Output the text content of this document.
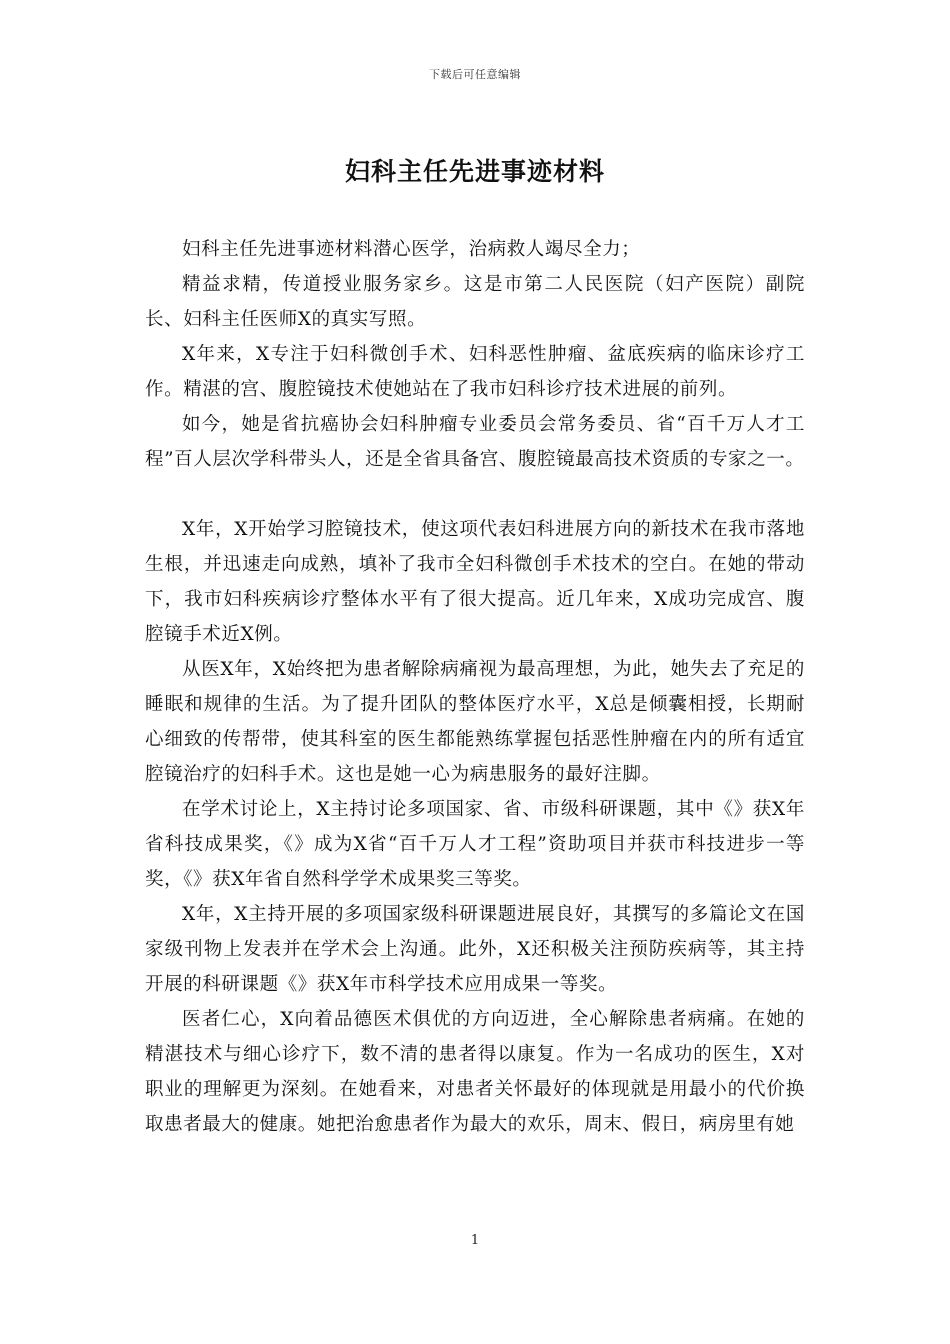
下载后可任意编辑
妇科主任先进事迹材料

妇科主任先进事迹材料潜心医学，治病救人竭尽全力；

精益求精，传道授业服务家乡。这是市第二人民医院（妇产医院）副院长、妇科主任医师X的真实写照。

X年来，X专注于妇科微创手术、妇科恶性肿瘤、盆底疾病的临床诊疗工作。精湛的宫、腹腔镜技术使她站在了我市妇科诊疗技术进展的前列。

如今，她是省抗癌协会妇科肿瘤专业委员会常务委员、省“百千万人才工程”百人层次学科带头人，还是全省具备宫、腹腔镜最高技术资质的专家之一。

X年，X开始学习腔镜技术，使这项代表妇科进展方向的新技术在我市落地生根，并迅速走向成熟，填补了我市全妇科微创手术技术的空白。在她的带动下，我市妇科疾病诊疗整体水平有了很大提高。近几年来，X成功完成宫、腹腔镜手术近X例。

从医X年，X始终把为患者解除病痛视为最高理想，为此，她失去了充足的睡眠和规律的生活。为了提升团队的整体医疗水平，X总是倾囊相授，长期耐心细致的传帮带，使其科室的医生都能熟练掌握包括恶性肿瘤在内的所有适宜腔镜治疗的妇科手术。这也是她一心为病患服务的最好注脚。

在学术讨论上，X主持讨论多项国家、省、市级科研课题，其中《》获X年省科技成果奖，《》成为X省“百千万人才工程”资助项目并获市科技进步一等奖，《》获X年省自然科学学术成果奖三等奖。

X年，X主持开展的多项国家级科研课题进展良好，其撰写的多篇论文在国家级刊物上发表并在学术会上沟通。此外，X还积极关注预防疾病等，其主持开展的科研课题《》获X年市科学技术应用成果一等奖。

医者仁心，X向着品德医术俱优的方向迈进，全心解除患者病痛。在她的精湛技术与细心诊疗下，数不清的患者得以康复。作为一名成功的医生，X对职业的理解更为深刻。在她看来，对患者关怀最好的体现就是用最小的代价换取患者最大的健康。她把治愈患者作为最大的欢乐，周末、假日，病房里有她

1
